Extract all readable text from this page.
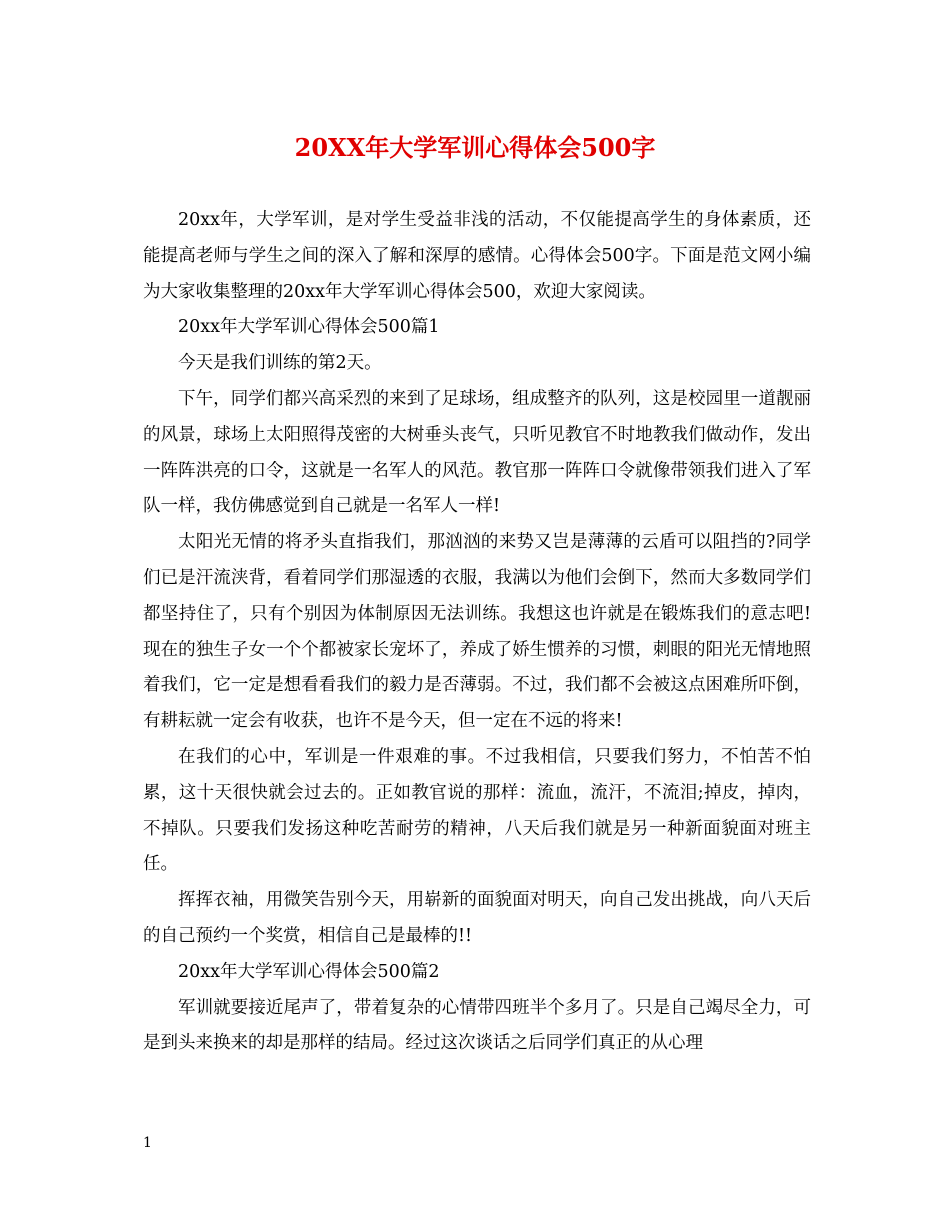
20XX年大学军训心得体会500字

20xx年，大学军训，是对学生受益非浅的活动，不仅能提高学生的身体素质，还能提高老师与学生之间的深入了解和深厚的感情。心得体会500字。下面是范文网小编为大家收集整理的20xx年大学军训心得体会500，欢迎大家阅读。

20xx年大学军训心得体会500篇1

今天是我们训练的第2天。

下午，同学们都兴高采烈的来到了足球场，组成整齐的队列，这是校园里一道靓丽的风景，球场上太阳照得茂密的大树垂头丧气，只听见教官不时地教我们做动作，发出一阵阵洪亮的口令，这就是一名军人的风范。教官那一阵阵口令就像带领我们进入了军队一样，我仿佛感觉到自己就是一名军人一样!

太阳光无情的将矛头直指我们，那汹汹的来势又岂是薄薄的云盾可以阻挡的?同学们已是汗流浃背，看着同学们那湿透的衣服，我满以为他们会倒下，然而大多数同学们都坚持住了，只有个别因为体制原因无法训练。我想这也许就是在锻炼我们的意志吧!现在的独生子女一个个都被家长宠坏了，养成了娇生惯养的习惯，刺眼的阳光无情地照着我们，它一定是想看看我们的毅力是否薄弱。不过，我们都不会被这点困难所吓倒，有耕耘就一定会有收获，也许不是今天，但一定在不远的将来!

在我们的心中，军训是一件艰难的事。不过我相信，只要我们努力，不怕苦不怕累，这十天很快就会过去的。正如教官说的那样：流血，流汗，不流泪;掉皮，掉肉，不掉队。只要我们发扬这种吃苦耐劳的精神，八天后我们就是另一种新面貌面对班主任。

挥挥衣袖，用微笑告别今天，用崭新的面貌面对明天，向自己发出挑战，向八天后的自己预约一个奖赏，相信自己是最棒的!!

20xx年大学军训心得体会500篇2

军训就要接近尾声了，带着复杂的心情带四班半个多月了。只是自己竭尽全力，可是到头来换来的却是那样的结局。经过这次谈话之后同学们真正的从心理

1
